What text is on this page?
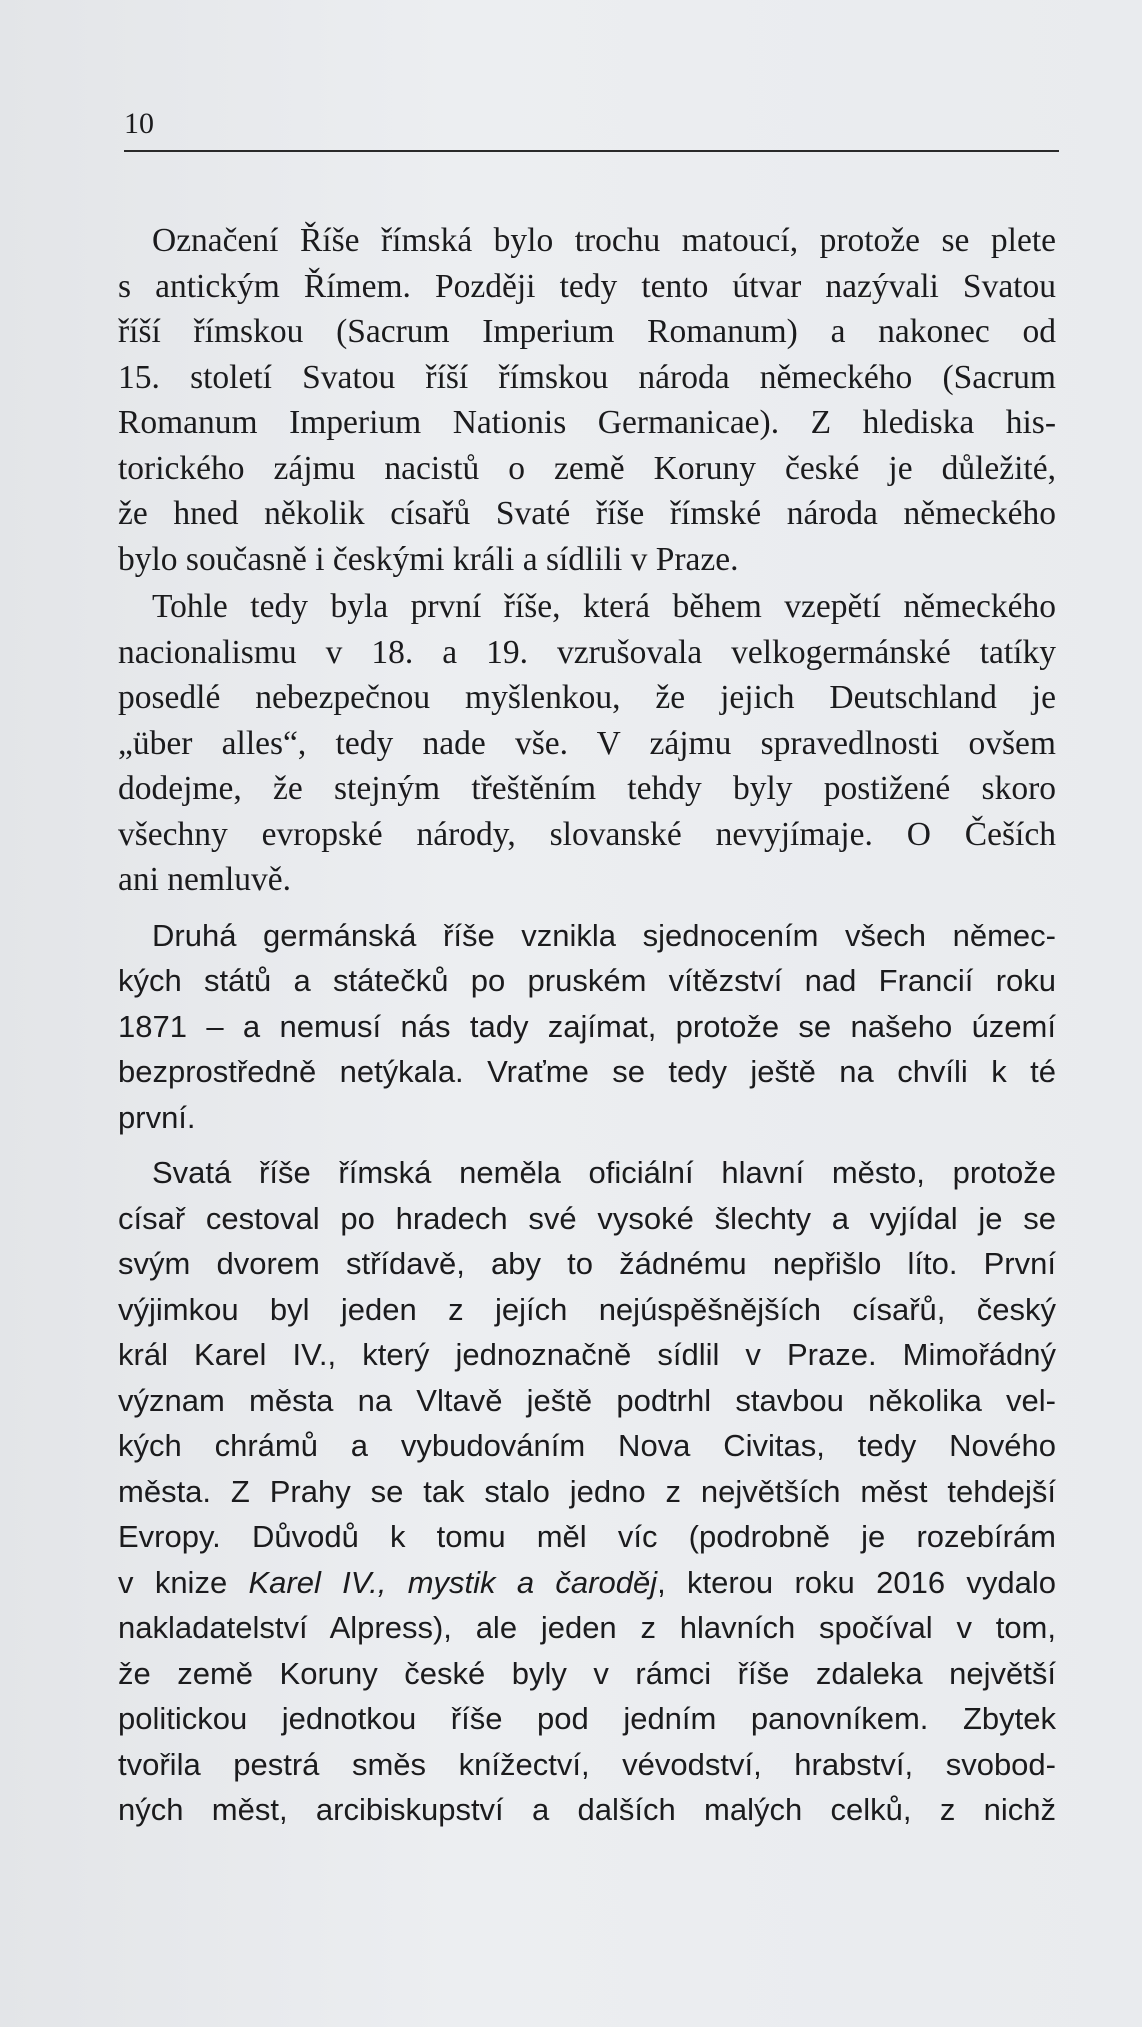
10

Označení Říše římská bylo trochu matoucí, protože se plete
s antickým Římem. Později tedy tento útvar nazývali Svatou
říší římskou (Sacrum Imperium Romanum) a nakonec od
15. století Svatou říší římskou národa německého (Sacrum
Romanum Imperium Nationis Germanicae). Z hlediska his-
torického zájmu nacistů o země Koruny české je důležité,
že hned několik císařů Svaté říše římské národa německého
bylo současně i českými králi a sídlili v Praze.

Tohle tedy byla první říše, která během vzepětí německého
nacionalismu v 18. a 19. vzrušovala velkogermánské tatíky
posedlé nebezpečnou myšlenkou, že jejich Deutschland je
„über alles“, tedy nade vše. V zájmu spravedlnosti ovšem
dodejme, že stejným třeštěním tehdy byly postižené skoro
všechny evropské národy, slovanské nevyjímaje. O Češích
ani nemluvě.

Druhá germánská říše vznikla sjednocením všech němec-
kých států a státečků po pruském vítězství nad Francií roku
1871 – a nemusí nás tady zajímat, protože se našeho území
bezprostředně netýkala. Vraťme se tedy ještě na chvíli k té
první.

Svatá říše římská neměla oficiální hlavní město, protože
císař cestoval po hradech své vysoké šlechty a vyjídal je se
svým dvorem střídavě, aby to žádnému nepřišlo líto. První
výjimkou byl jeden z jejích nejúspěšnějších císařů, český
král Karel IV., který jednoznačně sídlil v Praze. Mimořádný
význam města na Vltavě ještě podtrhl stavbou několika vel-
kých chrámů a vybudováním Nova Civitas, tedy Nového
města. Z Prahy se tak stalo jedno z největších měst tehdejší
Evropy. Důvodů k tomu měl víc (podrobně je rozebírám
v knize Karel IV., mystik a čaroděj, kterou roku 2016 vydalo
nakladatelství Alpress), ale jeden z hlavních spočíval v tom,
že země Koruny české byly v rámci říše zdaleka největší
politickou jednotkou říše pod jedním panovníkem. Zbytek
tvořila pestrá směs knížectví, vévodství, hrabství, svobod-
ných měst, arcibiskupství a dalších malých celků, z nichž
